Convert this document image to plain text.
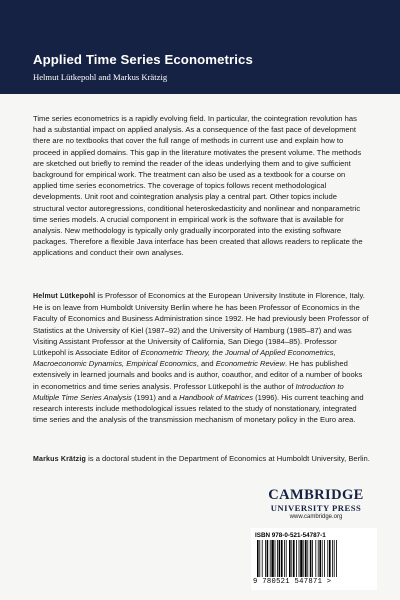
Applied Time Series Econometrics
Helmut Lütkepohl and Markus Krätzig
Time series econometrics is a rapidly evolving field. In particular, the cointegration revolution has had a substantial impact on applied analysis. As a consequence of the fast pace of development there are no textbooks that cover the full range of methods in current use and explain how to proceed in applied domains. This gap in the literature motivates the present volume. The methods are sketched out briefly to remind the reader of the ideas underlying them and to give sufficient background for empirical work. The treatment can also be used as a textbook for a course on applied time series econometrics. The coverage of topics follows recent methodological developments. Unit root and cointegration analysis play a central part. Other topics include structural vector autoregressions, conditional heteroskedasticity and nonlinear and nonparametric time series models. A crucial component in empirical work is the software that is available for analysis. New methodology is typically only gradually incorporated into the existing software packages. Therefore a flexible Java interface has been created that allows readers to replicate the applications and conduct their own analyses.
Helmut Lütkepohl is Professor of Economics at the European University Institute in Florence, Italy. He is on leave from Humboldt University Berlin where he has been Professor of Economics in the Faculty of Economics and Business Administration since 1992. He had previously been Professor of Statistics at the University of Kiel (1987–92) and the University of Hamburg (1985–87) and was Visiting Assistant Professor at the University of California, San Diego (1984–85). Professor Lütkepohl is Associate Editor of Econometric Theory, the Journal of Applied Econometrics, Macroeconomic Dynamics, Empirical Economics, and Econometric Review. He has published extensively in learned journals and books and is author, coauthor, and editor of a number of books in econometrics and time series analysis. Professor Lütkepohl is the author of Introduction to Multiple Time Series Analysis (1991) and a Handbook of Matrices (1996). His current teaching and research interests include methodological issues related to the study of nonstationary, integrated time series and the analysis of the transmission mechanism of monetary policy in the Euro area.
Markus Krätzig is a doctoral student in the Department of Economics at Humboldt University, Berlin.
CAMBRIDGE
UNIVERSITY PRESS
www.cambridge.org
ISBN 978-0-521-54787-1
9 780521 547871 >
